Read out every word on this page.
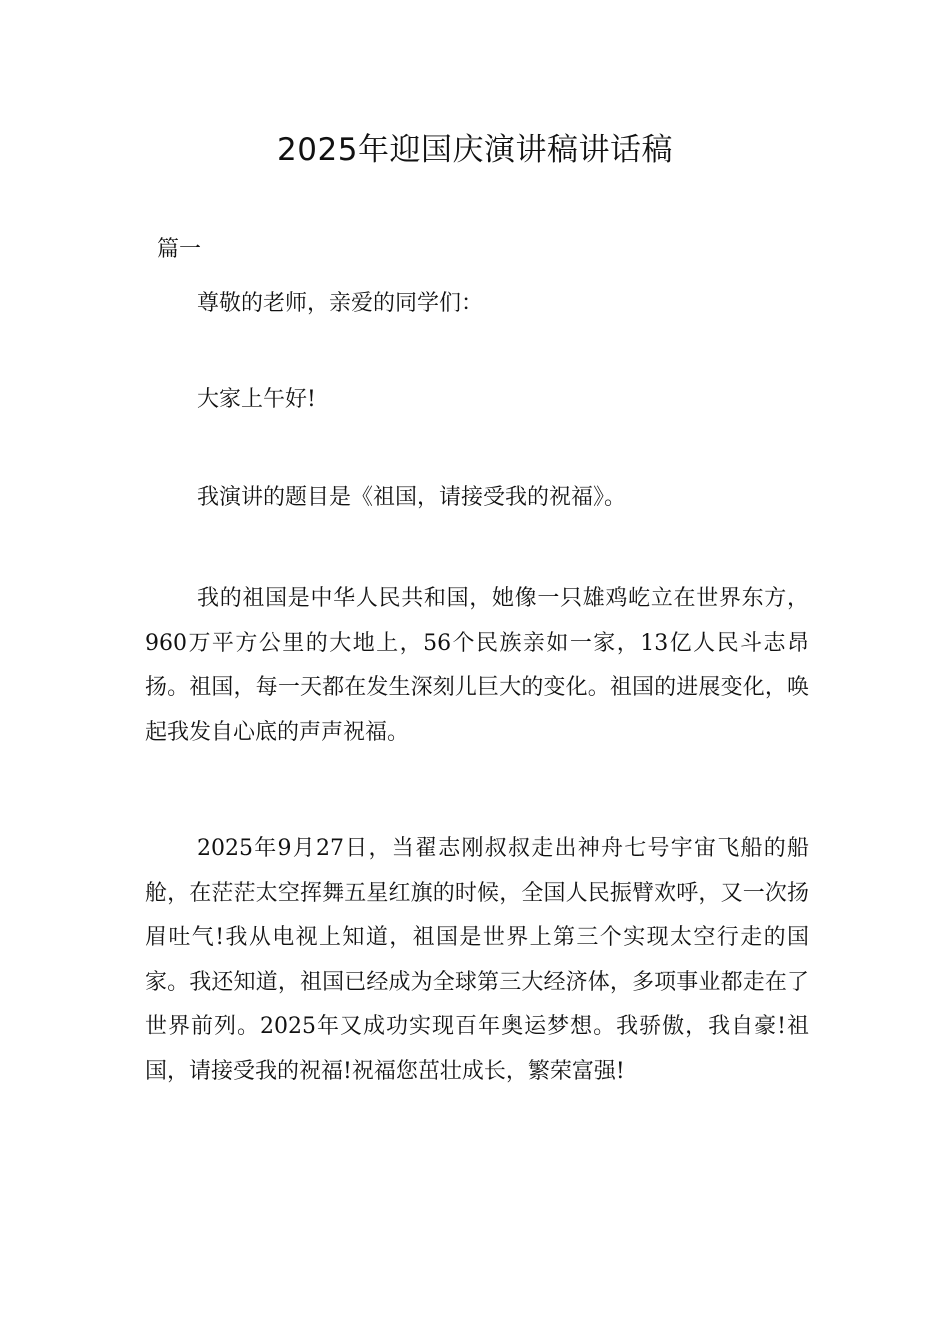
2025年迎国庆演讲稿讲话稿
篇一

尊敬的老师，亲爱的同学们：

大家上午好!

我演讲的题目是《祖国，请接受我的祝福》。

我的祖国是中华人民共和国，她像一只雄鸡屹立在世界东方，960万平方公里的大地上，56个民族亲如一家，13亿人民斗志昂扬。祖国，每一天都在发生深刻儿巨大的变化。祖国的进展变化，唤起我发自心底的声声祝福。

2025年9月27日，当翟志刚叔叔走出神舟七号宇宙飞船的船舱，在茫茫太空挥舞五星红旗的时候，全国人民振臂欢呼，又一次扬眉吐气!我从电视上知道，祖国是世界上第三个实现太空行走的国家。我还知道，祖国已经成为全球第三大经济体，多项事业都走在了世界前列。2025年又成功实现百年奥运梦想。我骄傲，我自豪!祖国，请接受我的祝福!祝福您茁壮成长，繁荣富强!
